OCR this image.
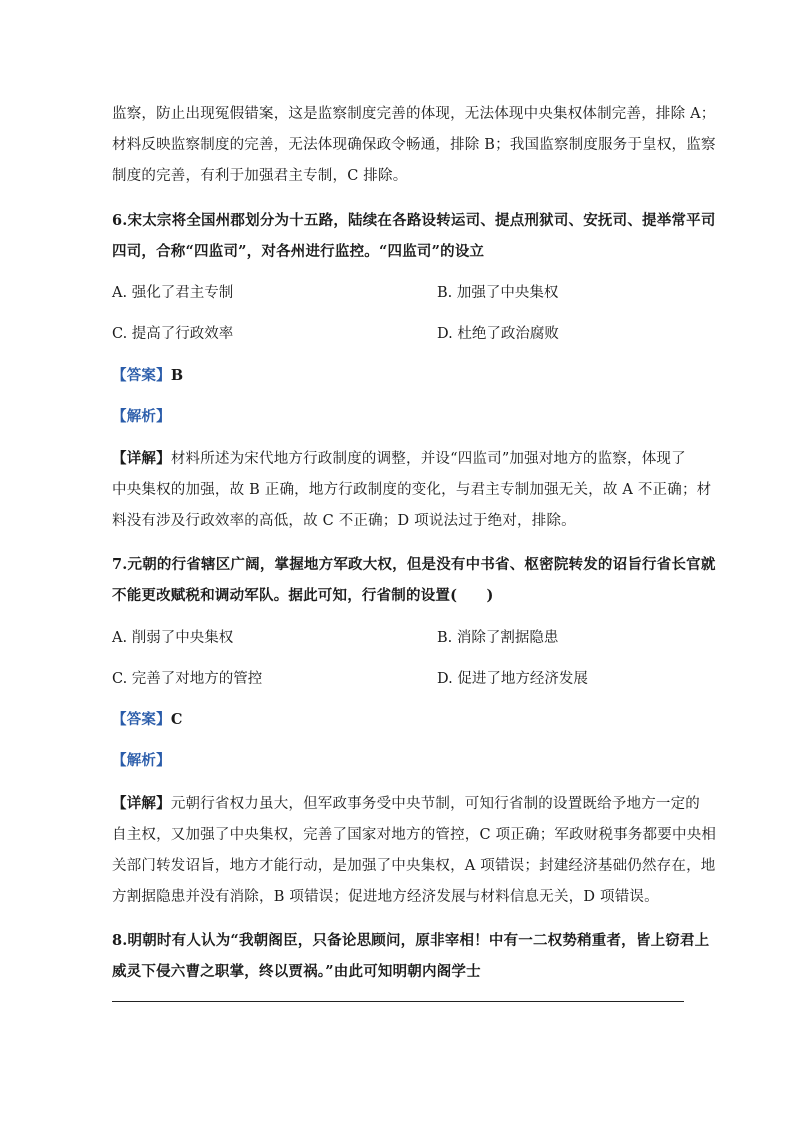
监察，防止出现冤假错案，这是监察制度完善的体现，无法体现中央集权体制完善，排除 A；
材料反映监察制度的完善，无法体现确保政令畅通，排除 B；我国监察制度服务于皇权，监察
制度的完善，有利于加强君主专制，C 排除。
6.宋太宗将全国州郡划分为十五路，陆续在各路设转运司、提点刑狱司、安抚司、提举常平司
四司，合称“四监司”，对各州进行监控。“四监司”的设立
A. 强化了君主专制	B. 加强了中央集权
C. 提高了行政效率	D. 杜绝了政治腐败
【答案】B
【解析】
【详解】材料所述为宋代地方行政制度的调整，并设“四监司”加强对地方的监察，体现了
中央集权的加强，故 B 正确，地方行政制度的变化，与君主专制加强无关，故 A 不正确；材
料没有涉及行政效率的高低，故 C 不正确；D 项说法过于绝对，排除。
7.元朝的行省辖区广阔，掌握地方军政大权，但是没有中书省、枢密院转发的诏旨行省长官就
不能更改赋税和调动军队。据此可知，行省制的设置(　　)
A. 削弱了中央集权	B. 消除了割据隐患
C. 完善了对地方的管控	D. 促进了地方经济发展
【答案】C
【解析】
【详解】元朝行省权力虽大，但军政事务受中央节制，可知行省制的设置既给予地方一定的
自主权，又加强了中央集权，完善了国家对地方的管控，C 项正确；军政财税事务都要中央相
关部门转发诏旨，地方才能行动，是加强了中央集权，A 项错误；封建经济基础仍然存在，地
方割据隐患并没有消除，B 项错误；促进地方经济发展与材料信息无关，D 项错误。
8.明朝时有人认为“我朝阁臣，只备论思顾问，原非宰相！中有一二权势稍重者，皆上窃君上
威灵下侵六曹之职掌，终以贾祸。”由此可知明朝内阁学士
